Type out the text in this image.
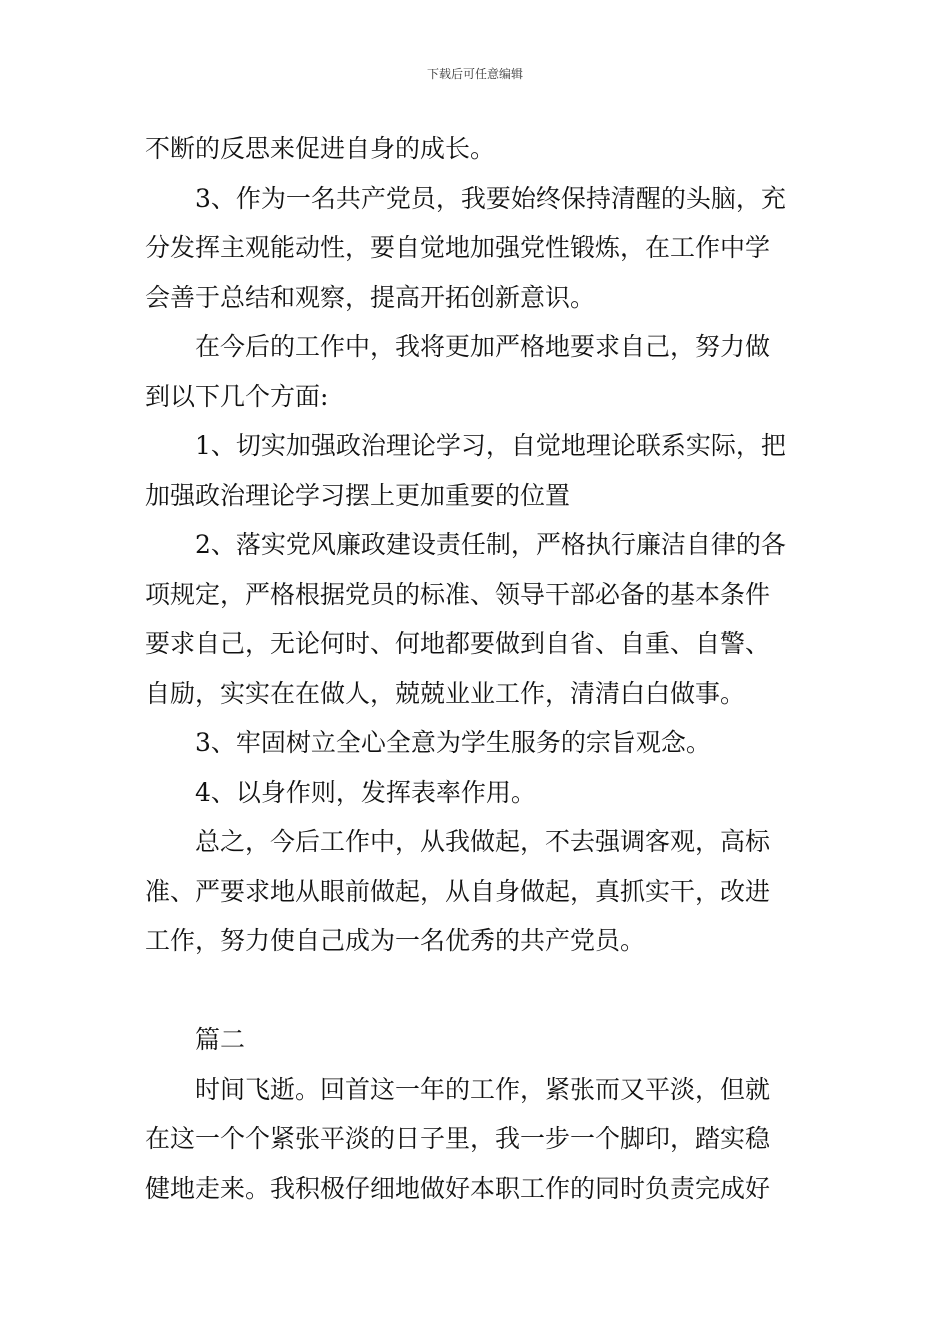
下载后可任意编辑
不断的反思来促进自身的成长。
3、作为一名共产党员，我要始终保持清醒的头脑，充
分发挥主观能动性，要自觉地加强党性锻炼，在工作中学
会善于总结和观察，提高开拓创新意识。
在今后的工作中，我将更加严格地要求自己，努力做
到以下几个方面:
1、切实加强政治理论学习，自觉地理论联系实际，把
加强政治理论学习摆上更加重要的位置
2、落实党风廉政建设责任制，严格执行廉洁自律的各
项规定，严格根据党员的标准、领导干部必备的基本条件
要求自己，无论何时、何地都要做到自省、自重、自警、
自励，实实在在做人，兢兢业业工作，清清白白做事。
3、牢固树立全心全意为学生服务的宗旨观念。
4、以身作则，发挥表率作用。
总之，今后工作中，从我做起，不去强调客观，高标
准、严要求地从眼前做起，从自身做起，真抓实干，改进
工作，努力使自己成为一名优秀的共产党员。
篇二
时间飞逝。回首这一年的工作，紧张而又平淡，但就
在这一个个紧张平淡的日子里，我一步一个脚印，踏实稳
健地走来。我积极仔细地做好本职工作的同时负责完成好
